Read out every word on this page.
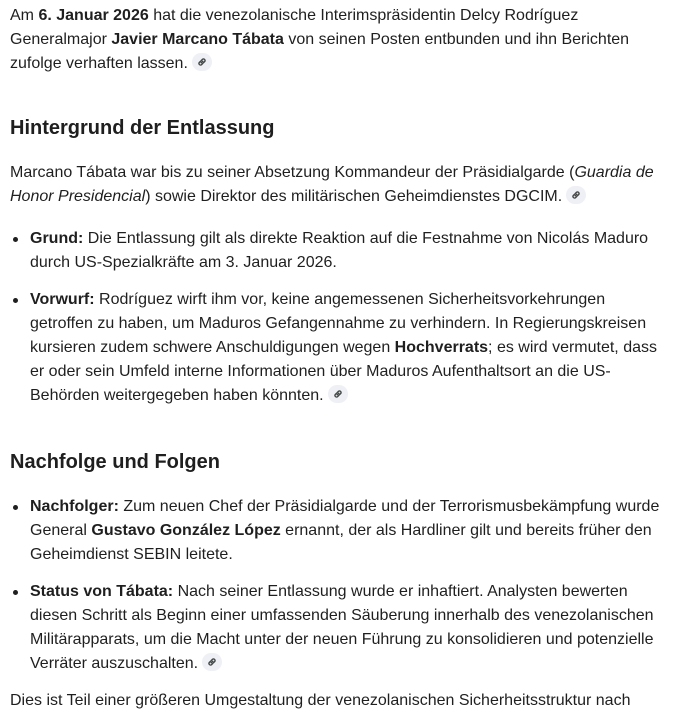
Am 6. Januar 2026 hat die venezolanische Interimspräsidentin Delcy Rodríguez Generalmajor Javier Marcano Tábata von seinen Posten entbunden und ihn Berichten zufolge verhaften lassen.

Hintergrund der Entlassung

Marcano Tábata war bis zu seiner Absetzung Kommandeur der Präsidialgarde (Guardia de Honor Presidencial) sowie Direktor des militärischen Geheimdienstes DGCIM.

Grund: Die Entlassung gilt als direkte Reaktion auf die Festnahme von Nicolás Maduro durch US-Spezialkräfte am 3. Januar 2026.
Vorwurf: Rodríguez wirft ihm vor, keine angemessenen Sicherheitsvorkehrungen getroffen zu haben, um Maduros Gefangennahme zu verhindern. In Regierungskreisen kursieren zudem schwere Anschuldigungen wegen Hochverrats; es wird vermutet, dass er oder sein Umfeld interne Informationen über Maduros Aufenthaltsort an die US-Behörden weitergegeben haben könnten.
Nachfolge und Folgen
Nachfolger: Zum neuen Chef der Präsidialgarde und der Terrorismusbekämpfung wurde General Gustavo González López ernannt, der als Hardliner gilt und bereits früher den Geheimdienst SEBIN leitete.
Status von Tábata: Nach seiner Entlassung wurde er inhaftiert. Analysten bewerten diesen Schritt als Beginn einer umfassenden Säuberung innerhalb des venezolanischen Militärapparats, um die Macht unter der neuen Führung zu konsolidieren und potenzielle Verräter auszuschalten.

Dies ist Teil einer größeren Umgestaltung der venezolanischen Sicherheitsstruktur nach
